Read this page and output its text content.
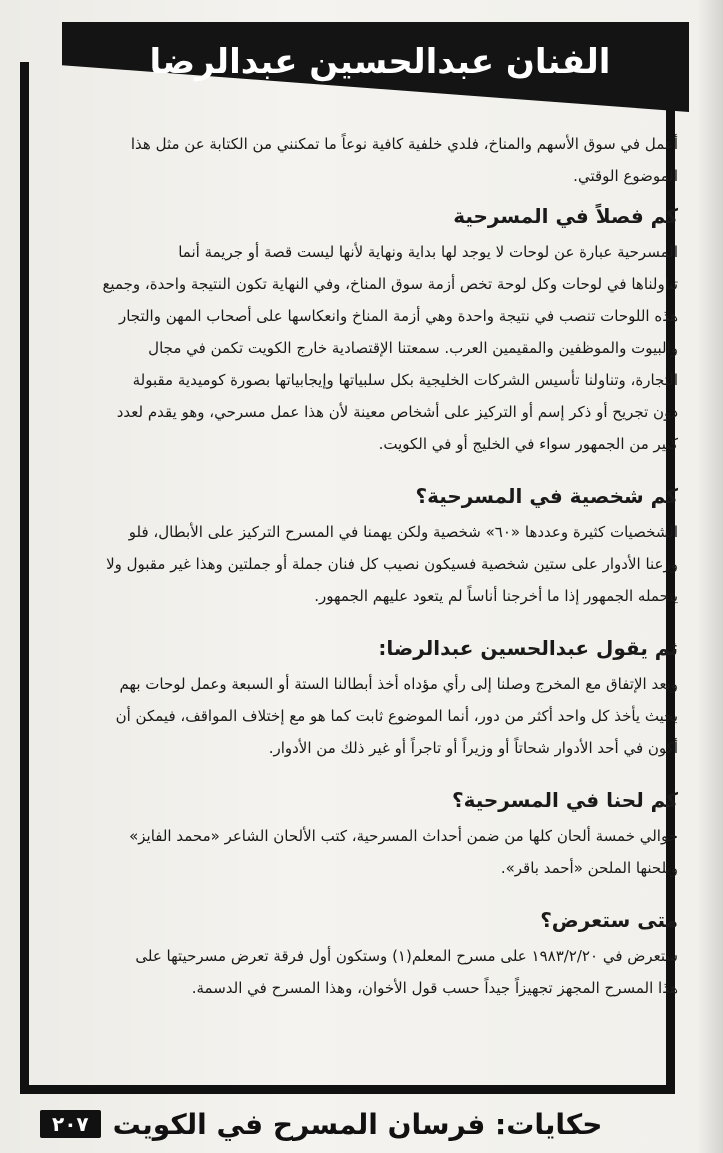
الفنان عبدالحسين عبدالرضا
أعمل في سوق الأسهم والمناخ، فلدي خلفية كافية نوعاً ما تمكنني من الكتابة عن مثل هذا
الموضوع الوقتي.
كم فصلاً في المسرحية
المسرحية عبارة عن لوحات لا يوجد لها بداية ونهاية لأنها ليست قصة أو جريمة أنما
تناولناها في لوحات وكل لوحة تخص أزمة سوق المناخ، وفي النهاية تكون النتيجة واحدة، وجميع
هذه اللوحات تنصب في نتيجة واحدة وهي أزمة المناخ وانعكاسها على أصحاب المهن والتجار
والبيوت والموظفين والمقيمين العرب. سمعتنا الإقتصادية خارج الكويت تكمن في مجال
التجارة، وتناولنا تأسيس الشركات الخليجية بكل سلبياتها وإيجابياتها بصورة كوميدية مقبولة
دون تجريح أو ذكر إسم أو التركيز على أشخاص معينة لأن هذا عمل مسرحي، وهو يقدم لعدد
كبير من الجمهور سواء في الخليج أو في الكويت.
كم شخصية في المسرحية؟
الشخصيات كثيرة وعددها «٦٠» شخصية ولكن يهمنا في المسرح التركيز على الأبطال، فلو
وزعنا الأدوار على ستين شخصية فسيكون نصيب كل فنان جملة أو جملتين وهذا غير مقبول ولا
يتحمله الجمهور إذا ما أخرجنا أناساً لم يتعود عليهم الجمهور.
ثم يقول عبدالحسين عبدالرضا:
وبعد الإتفاق مع المخرج وصلنا إلى رأي مؤداه أخذ أبطالنا الستة أو السبعة وعمل لوحات بهم
بحيث يأخذ كل واحد أكثر من دور، أنما الموضوع ثابت كما هو مع إختلاف المواقف، فيمكن أن
أكون في أحد الأدوار شحاتاً أو وزيراً أو تاجراً أو غير ذلك من الأدوار.
كم لحنا في المسرحية؟
حوالي خمسة ألحان كلها من ضمن أحداث المسرحية، كتب الألحان الشاعر «محمد الفايز»
ويلحنها الملحن «أحمد باقر».
متى ستعرض؟
ستعرض في ١٩٨٣/٢/٢٠ على مسرح المعلم(١) وستكون أول فرقة تعرض مسرحيتها على
هذا المسرح المجهز تجهيزاً جيداً حسب قول الأخوان، وهذا المسرح في الدسمة.
٢٠٧ حكايات: فرسان المسرح في الكويت
